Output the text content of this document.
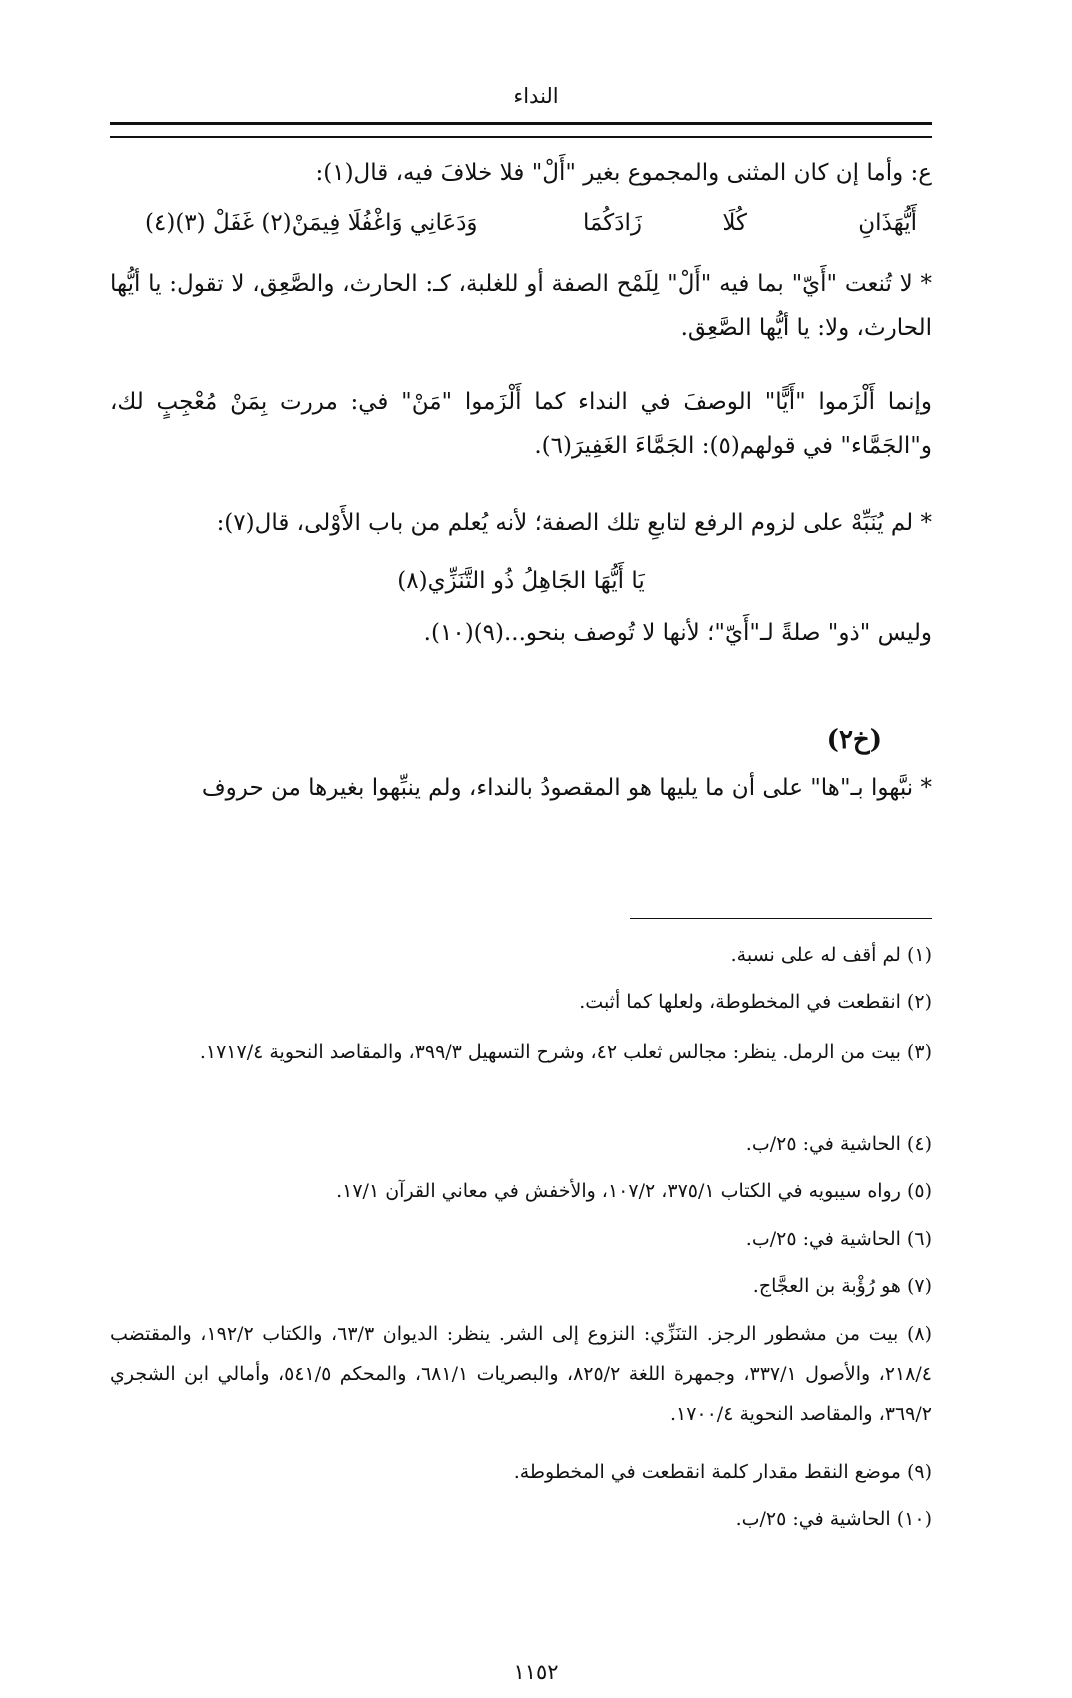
النداء
ع: وأما إن كان المثنى والمجموع بغير "أَلْ" فلا خلافَ فيه، قال(١):
أَيُّهَذَانِ
كُلَا
زَادَكُمَا
وَدَعَانِي وَاغْفُلَا فِيمَنْ(٢) غَفَلْ (٣)(٤)
* لا تُنعت "أَيّ" بما فيه "أَلْ" لِلَمْح الصفة أو للغلبة، كـ: الحارث، والصَّعِق، لا تقول: يا أيُّها الحارث، ولا: يا أيُّها الصَّعِق.
وإنما أَلْزَموا "أَيًّا" الوصفَ في النداء كما أَلْزَموا "مَنْ" في: مررت بِمَنْ مُعْجِبٍ لك، و"الجَمَّاء" في قولهم(٥): الجَمَّاءَ الغَفِيرَ(٦).
* لم يُنَبِّهْ على لزوم الرفع لتابعِ تلك الصفة؛ لأنه يُعلم من باب الأَوْلى، قال(٧):
يَا أَيُّهَا الجَاهِلُ ذُو التَّنَزِّي(٨)
وليس "ذو" صلةً لـ"أَيّ"؛ لأنها لا تُوصف بنحو...(٩)(١٠).
(خ٢)
* نبَّهوا بـ"ها" على أن ما يليها هو المقصودُ بالنداء، ولم ينبِّهوا بغيرها من حروف
(١) لم أقف له على نسبة.
(٢) انقطعت في المخطوطة، ولعلها كما أثبت.
(٣) بيت من الرمل. ينظر: مجالس ثعلب ٤٢، وشرح التسهيل ٣٩٩/٣، والمقاصد النحوية ١٧١٧/٤.
(٤) الحاشية في: ٢٥/ب.
(٥) رواه سيبويه في الكتاب ٣٧٥/١، ١٠٧/٢، والأخفش في معاني القرآن ١٧/١.
(٦) الحاشية في: ٢٥/ب.
(٧) هو رُؤْبة بن العجَّاج.
(٨) بيت من مشطور الرجز. التنَزِّي: النزوع إلى الشر. ينظر: الديوان ٦٣/٣، والكتاب ١٩٢/٢، والمقتضب ٢١٨/٤، والأصول ٣٣٧/١، وجمهرة اللغة ٨٢٥/٢، والبصريات ٦٨١/١، والمحكم ٥٤١/٥، وأمالي ابن الشجري ٣٦٩/٢، والمقاصد النحوية ١٧٠٠/٤.
(٩) موضع النقط مقدار كلمة انقطعت في المخطوطة.
(١٠) الحاشية في: ٢٥/ب.
١١٥٢
